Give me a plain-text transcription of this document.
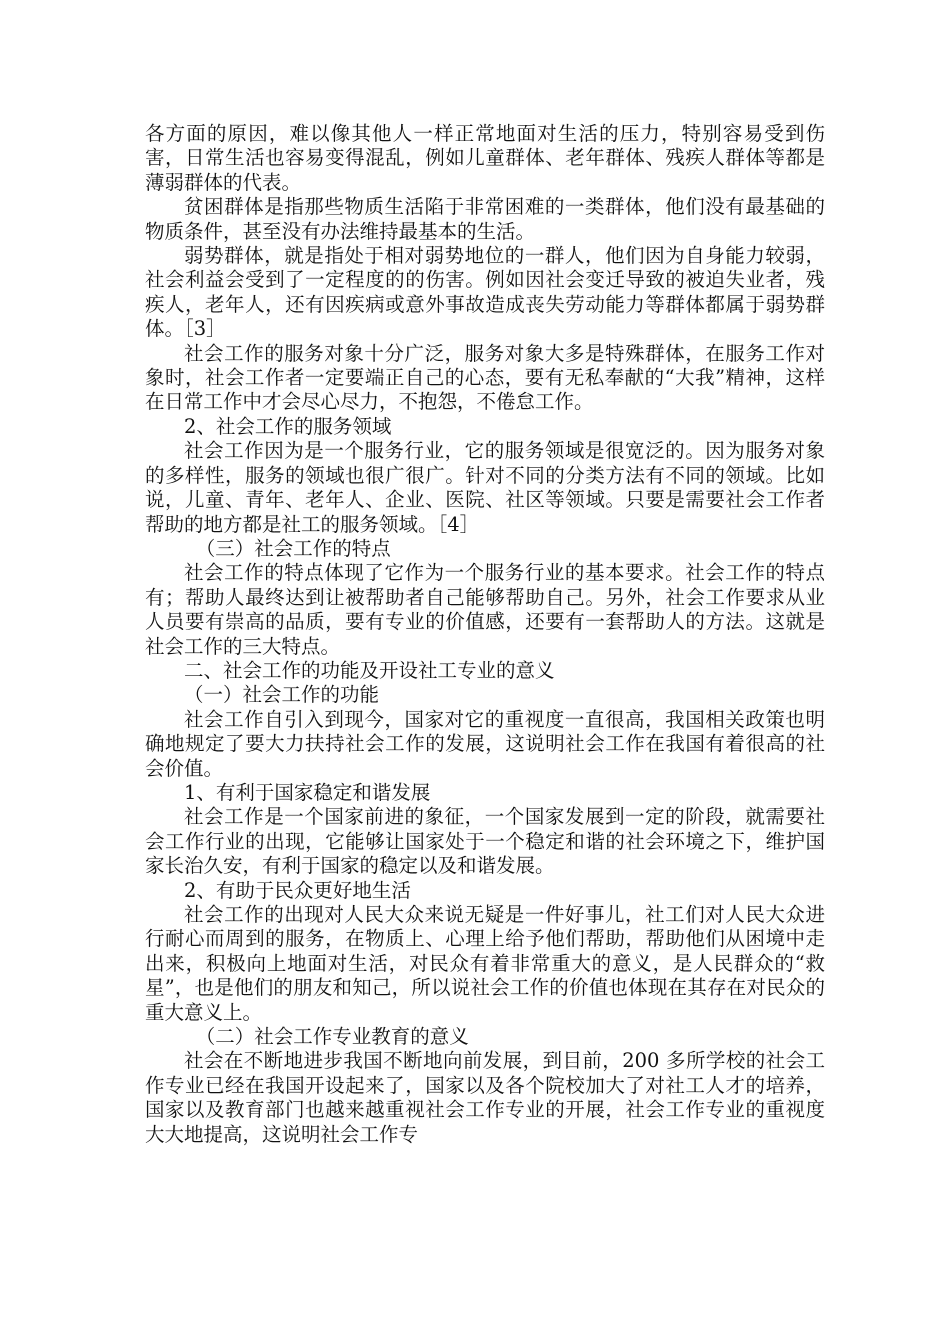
各方面的原因，难以像其他人一样正常地面对生活的压力，特别容易受到伤害，日常生活也容易变得混乱，例如儿童群体、老年群体、残疾人群体等都是薄弱群体的代表。

贫困群体是指那些物质生活陷于非常困难的一类群体，他们没有最基础的物质条件，甚至没有办法维持最基本的生活。

弱势群体，就是指处于相对弱势地位的一群人，他们因为自身能力较弱，社会利益会受到了一定程度的的伤害。例如因社会变迁导致的被迫失业者，残疾人，老年人，还有因疾病或意外事故造成丧失劳动能力等群体都属于弱势群体。［3］

社会工作的服务对象十分广泛，服务对象大多是特殊群体，在服务工作对象时，社会工作者一定要端正自己的心态，要有无私奉献的“大我”精神，这样在日常工作中才会尽心尽力，不抱怨，不倦怠工作。

2、社会工作的服务领域

社会工作因为是一个服务行业，它的服务领域是很宽泛的。因为服务对象的多样性，服务的领域也很广很广。针对不同的分类方法有不同的领域。比如说，儿童、青年、老年人、企业、医院、社区等领域。只要是需要社会工作者帮助的地方都是社工的服务领域。［4］

（三）社会工作的特点

社会工作的特点体现了它作为一个服务行业的基本要求。社会工作的特点有；帮助人最终达到让被帮助者自己能够帮助自己。另外，社会工作要求从业人员要有崇高的品质，要有专业的价值感，还要有一套帮助人的方法。这就是社会工作的三大特点。

二、社会工作的功能及开设社工专业的意义

（一）社会工作的功能

社会工作自引入到现今，国家对它的重视度一直很高，我国相关政策也明确地规定了要大力扶持社会工作的发展，这说明社会工作在我国有着很高的社会价值。

1、有利于国家稳定和谐发展

社会工作是一个国家前进的象征，一个国家发展到一定的阶段，就需要社会工作行业的出现，它能够让国家处于一个稳定和谐的社会环境之下，维护国家长治久安，有利于国家的稳定以及和谐发展。

2、有助于民众更好地生活

社会工作的出现对人民大众来说无疑是一件好事儿，社工们对人民大众进行耐心而周到的服务，在物质上、心理上给予他们帮助，帮助他们从困境中走出来，积极向上地面对生活，对民众有着非常重大的意义，是人民群众的“救星”，也是他们的朋友和知己，所以说社会工作的价值也体现在其存在对民众的重大意义上。

（二）社会工作专业教育的意义

社会在不断地进步我国不断地向前发展，到目前，200 多所学校的社会工作专业已经在我国开设起来了，国家以及各个院校加大了对社工人才的培养，国家以及教育部门也越来越重视社会工作专业的开展，社会工作专业的重视度大大地提高，这说明社会工作专
